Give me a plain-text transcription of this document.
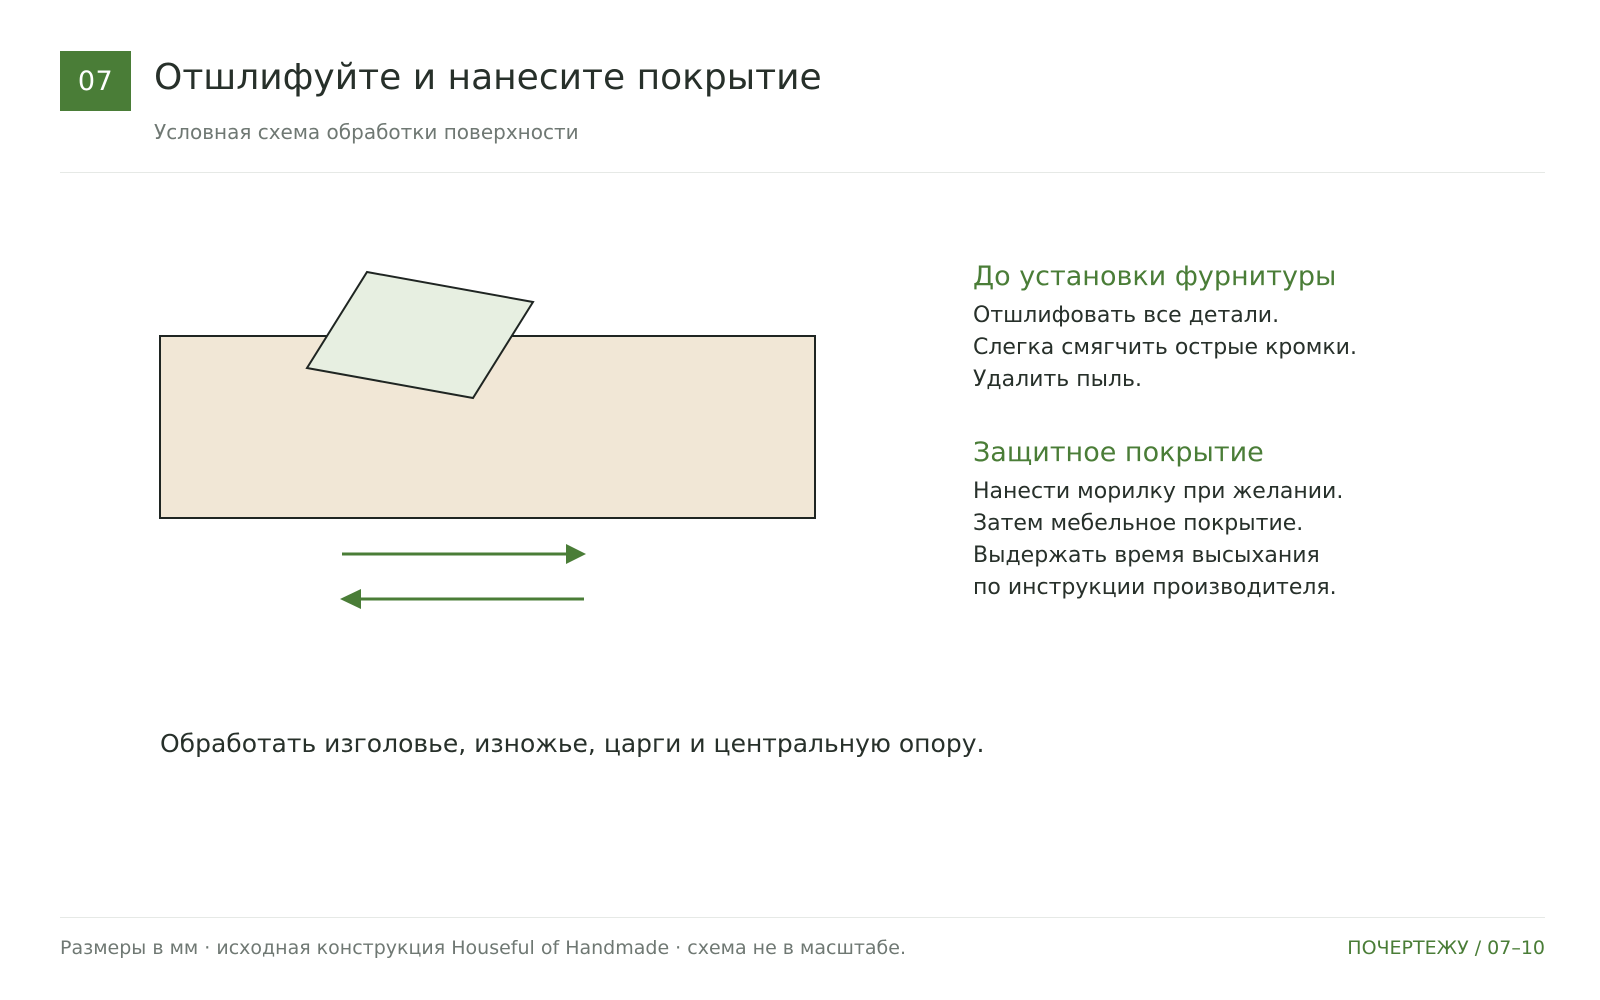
07 Отшлифуйте и нанесите покрытие
Условная схема обработки поверхности
До установки фурнитуры
Отшлифовать все детали.
Слегка смягчить острые кромки.
Удалить пыль.
Защитное покрытие
Нанести морилку при желании.
Затем мебельное покрытие.
Выдержать время высыхания
по инструкции производителя.
Обработать изголовье, изножье, царги и центральную опору.
Размеры в мм · исходная конструкция Houseful of Handmade · схема не в масштабе.	ПОЧЕРТЕЖУ / 07–10
